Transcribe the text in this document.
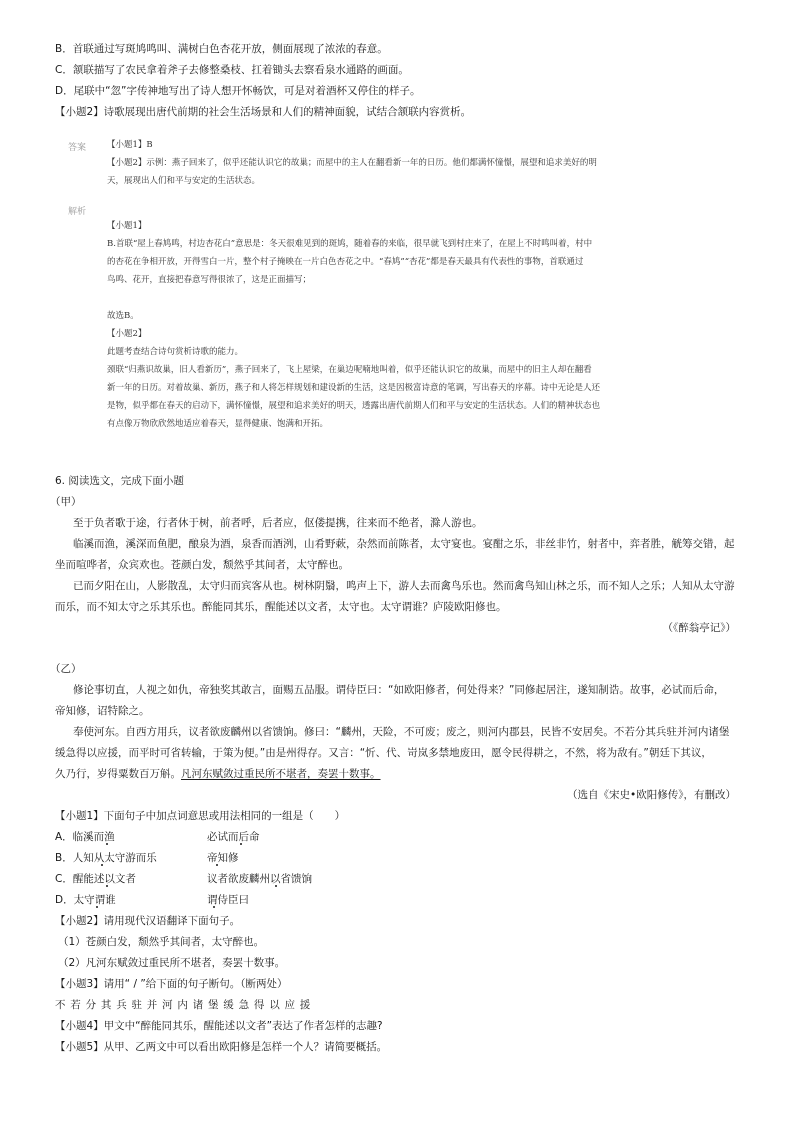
B．首联通过写斑鸠鸣叫、满树白色杏花开放，侧面展现了浓浓的春意。
C．颔联描写了农民拿着斧子去修整桑枝、扛着锄头去察看泉水通路的画面。
D．尾联中“忽”字传神地写出了诗人想开怀畅饮，可是对着酒杯又停住的样子。
【小题2】诗歌展现出唐代前期的社会生活场景和人们的精神面貌，试结合颔联内容赏析。
答案 【小题1】B
【小题2】示例：燕子回来了，似乎还能认识它的故巢；而屋中的主人在翻看新一年的日历。他们都满怀憧憬，展望和追求美好的明
天，展现出人们和平与安定的生活状态。
解析
【小题1】
B.首联“屋上春鸠鸣，村边杏花白”意思是：冬天很难见到的斑鸠，随着春的来临，很早就飞到村庄来了，在屋上不时鸣叫着，村中
的杏花在争相开放，开得雪白一片，整个村子掩映在一片白色杏花之中。“春鸠”“杏花”都是春天最具有代表性的事物，首联通过
鸟鸣、花开，直接把春意写得很浓了，这是正面描写；
故选B。
【小题2】
此题考查结合诗句赏析诗歌的能力。
颈联“归燕识故巢，旧人看新历”，燕子回来了，飞上屋梁，在巢边呢喃地叫着，似乎还能认识它的故巢，而屋中的旧主人却在翻看
新一年的日历。对着故巢、新历，燕子和人将怎样规划和建设新的生活，这是因极富诗意的笔调，写出春天的序幕。诗中无论是人还
是物，似乎都在春天的启动下，满怀憧憬，展望和追求美好的明天，透露出唐代前期人们和平与安定的生活状态。人们的精神状态也
有点像万物欣欣然地适应着春天，显得健康、饱满和开拓。
6. 阅读选文，完成下面小题
（甲）
至于负者歌于途，行者休于树，前者呼，后者应，伛偻提携，往来而不绝者，滁人游也。
临溪而渔，溪深而鱼肥，酿泉为酒，泉香而酒洌，山肴野蔌，杂然而前陈者，太守宴也。宴酣之乐，非丝非竹，射者中，弈者胜，觥筹交错，起
坐而喧哗者，众宾欢也。苍颜白发，颓然乎其间者，太守醉也。
已而夕阳在山，人影散乱，太守归而宾客从也。树林阴翳，鸣声上下，游人去而禽鸟乐也。然而禽鸟知山林之乐，而不知人之乐；人知从太守游
而乐，而不知太守之乐其乐也。醉能同其乐，醒能述以文者，太守也。太守谓谁？庐陵欧阳修也。
（《醉翁亭记》）
（乙）
修论事切直，人视之如仇，帝独奖其敢言，面赐五品服。谓侍臣曰：“如欧阳修者，何处得来？”同修起居注，遂知制诰。故事，必试而后命，
帝知修，诏特除之。
奉使河东。自西方用兵，议者欲废麟州以省馈饷。修曰：“麟州，天险，不可废；废之，则河内郡县，民皆不安居矣。不若分其兵驻并河内诸堡
缓急得以应援，而平时可省转输，于策为便。”由是州得存。又言：“忻、代、岢岚多禁地废田，愿令民得耕之，不然，将为敌有。”朝廷下其议，
久乃行，岁得粟数百万斛。凡河东赋敛过重民所不堪者，奏罢十数事。
（选自《宋史•欧阳修传》，有删改）
【小题1】下面句子中加点词意思或用法相同的一组是（　　）
A．临溪而渔	必试而后命
B．人知从太守游而乐	帝知修
C．醒能述以文者	议者欲废麟州以省馈饷
D．太守谓谁	谓侍臣曰
【小题2】请用现代汉语翻译下面句子。
（1）苍颜白发，颓然乎其间者，太守醉也。
（2）凡河东赋敛过重民所不堪者，奏罢十数事。
【小题3】请用“ / ”给下面的句子断句。（断两处）
不若分其兵驻并河内诸堡缓急得以应援
【小题4】甲文中“醉能同其乐，醒能述以文者”表达了作者怎样的志趣?
【小题5】从甲、乙两文中可以看出欧阳修是怎样一个人？请简要概括。
